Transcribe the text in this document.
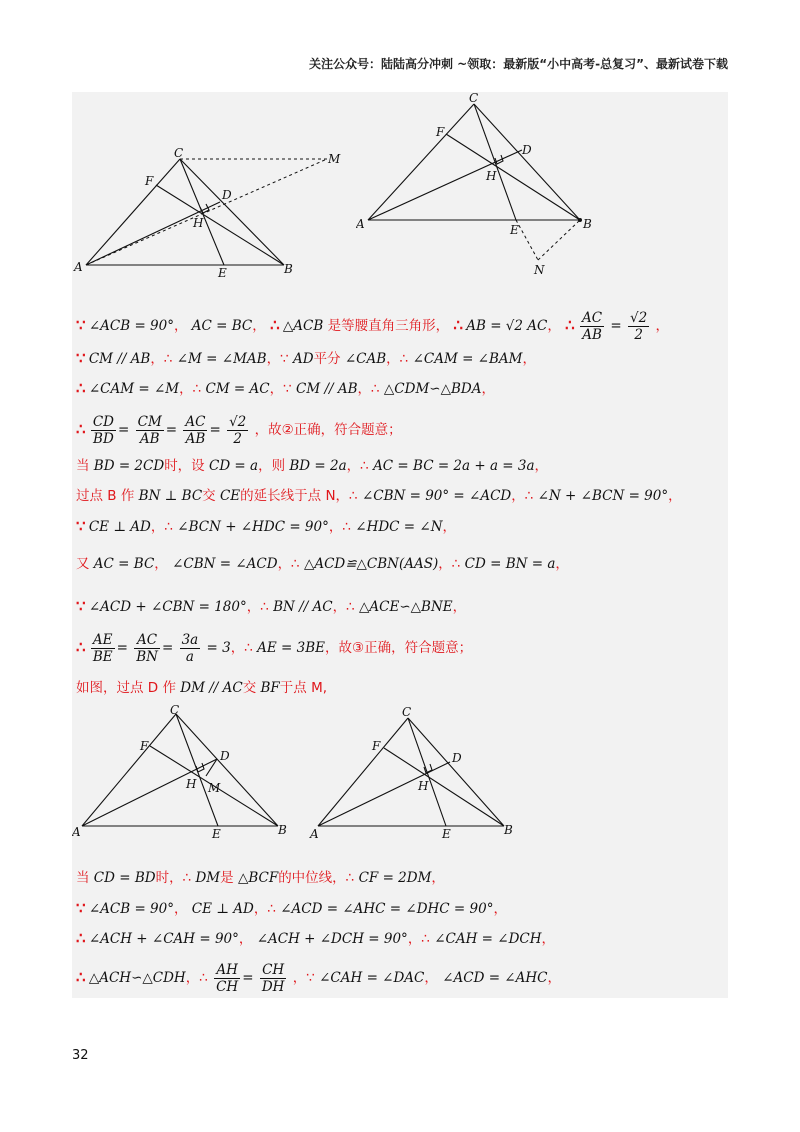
关注公众号：陆陆高分冲刺 ~领取：最新版“小中高考-总复习”、最新试卷下载
C	M
F
D
H
A	E	B
C
F
D
H
A	E	B
N
∵ ∠ACB = 90°， AC = BC， ∴ △ACB 是等腰直角三角形， ∴ AB = √2 AC， ∴ $\frac{AC}{AB} = \frac{√2}{2}$ ，
∵ CM // AB，∴ ∠M = ∠MAB，∵ AD平分 ∠CAB，∴ ∠CAM = ∠BAM，
∴ ∠CAM = ∠M，∴ CM = AC，∵ CM // AB，∴ △CDM∽△BDA，
∴ $\frac{CD}{BD} = \frac{CM}{AB} = \frac{AC}{AB} = \frac{√2}{2}$ ，故②正确，符合题意；
当 BD = 2CD时，设 CD = a，则 BD = 2a，∴ AC = BC = 2a + a = 3a，
过点 B 作 BN ⊥ BC交 CE的延长线于点 N，∴ ∠CBN = 90° = ∠ACD，∴ ∠N + ∠BCN = 90°，
∵ CE ⊥ AD，∴ ∠BCN + ∠HDC = 90°，∴ ∠HDC = ∠N，
又 AC = BC， ∠CBN = ∠ACD，∴ △ACD≌△CBN(AAS)，∴ CD = BN = a，
∵ ∠ACD + ∠CBN = 180°，∴ BN // AC，∴ △ACE∽△BNE，
∴ $\frac{AE}{BE} = \frac{AC}{BN} = \frac{3a}{a} = 3$，∴ AE = 3BE，故③正确，符合题意；
如图，过点 D 作 DM // AC交 BF于点 M,
C
F
D
H M
A	E	B
C
F
D
H
A	E	B
当 CD = BD时，∴ DM是 △BCF的中位线，∴ CF = 2DM，
∵ ∠ACB = 90°， CE ⊥ AD，∴ ∠ACD = ∠AHC = ∠DHC = 90°，
∴ ∠ACH + ∠CAH = 90°， ∠ACH + ∠DCH = 90°，∴ ∠CAH = ∠DCH，
∴ △ACH∽△CDH，∴ $\frac{AH}{CH} = \frac{CH}{DH}$ ，∵ ∠CAH = ∠DAC， ∠ACD = ∠AHC，
32
